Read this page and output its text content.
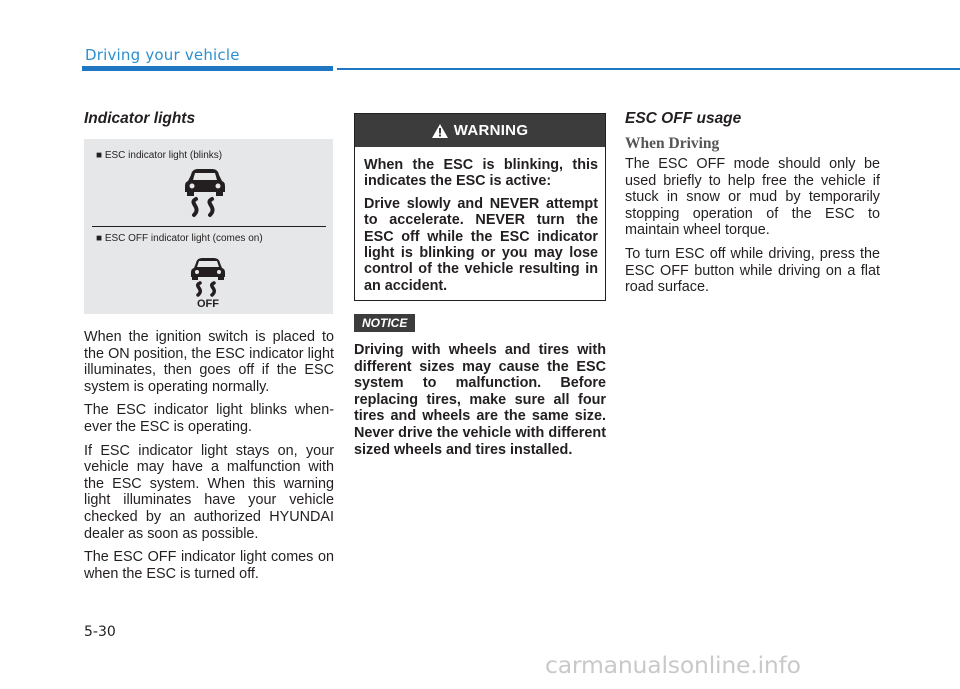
Driving your vehicle
Indicator lights
■ ESC indicator light (blinks)
■ ESC OFF indicator light (comes on)
OFF
When the ignition switch is placed to the ON position, the ESC indicator light illuminates, then goes off if the ESC system is operating normally.
The ESC indicator light blinks when-ever the ESC is operating.
If ESC indicator light stays on, your vehicle may have a malfunction with the ESC system. When this warning light illuminates have your vehicle checked by an authorized HYUNDAI dealer as soon as possible.
The ESC OFF indicator light comes on when the ESC is turned off.
WARNING
When the ESC is blinking, this indicates the ESC is active:
Drive slowly and NEVER attempt to accelerate. NEVER turn the ESC off while the ESC indicator light is blinking or you may lose control of the vehicle resulting in an accident.
NOTICE
Driving with wheels and tires with different sizes may cause the ESC system to malfunction. Before replacing tires, make sure all four tires and wheels are the same size. Never drive the vehicle with different sized wheels and tires installed.
ESC OFF usage
When Driving
The ESC OFF mode should only be used briefly to help free the vehicle if stuck in snow or mud by temporarily stopping operation of the ESC to maintain wheel torque.
To turn ESC off while driving, press the ESC OFF button while driving on a flat road surface.
5-30
carmanualsonline.info
